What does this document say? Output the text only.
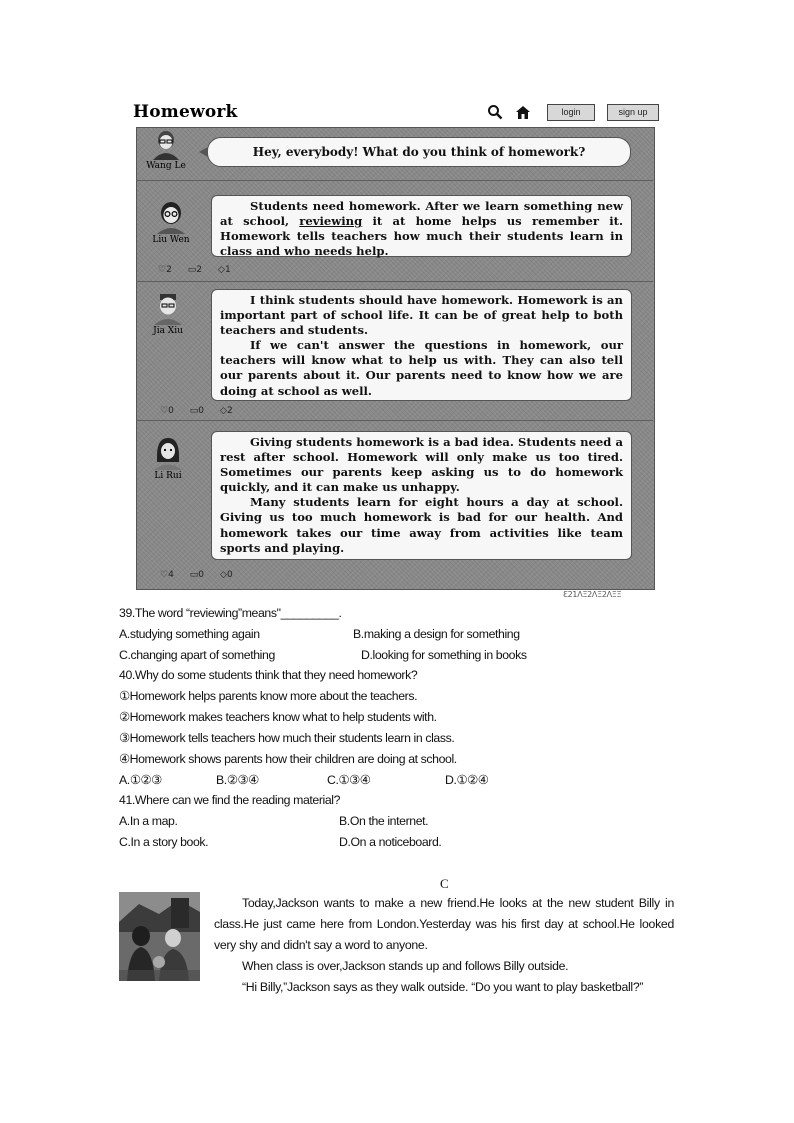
Homework	login	sign up
Wang Le
Hey, everybody! What do you think of homework?
Liu Wen

Students need homework. After we learn something new at school, reviewing it at home helps us remember it. Homework tells teachers how much their students learn in class and who needs help.

♡2 ▭2 ◇1
Jia Xiu

I think students should have homework. Homework is an important part of school life. It can be of great help to both teachers and students.

If we can't answer the questions in homework, our teachers will know what to help us with. They can also tell our parents about it. Our parents need to know how we are doing at school as well.

♡0 ▭0 ◇2
Li Rui

Giving students homework is a bad idea. Students need a rest after school. Homework will only make us too tired. Sometimes our parents keep asking us to do homework quickly, and it can make us unhappy.

Many students learn for eight hours a day at school. Giving us too much homework is bad for our health. And homework takes our time away from activities like team sports and playing.

♡4 ▭0 ◇0
Ɛ21ɅΞ2ɅΞ2ɅΞΞ
39.The word “reviewing”means"_________.
A.studying something again	B.making a design for something
C.changing apart of something	D.looking for something in books
40.Why do some students think that they need homework?
①Homework helps parents know more about the teachers.
②Homework makes teachers know what to help students with.
③Homework tells teachers how much their students learn in class.
④Homework shows parents how their children are doing at school.
A.①②③	B.②③④	C.①③④	D.①②④
41.Where can we find the reading material?
A.In a map.	B.On the internet.
C.In a story book.	D.On a noticeboard.
C

Today,Jackson wants to make a new friend.He looks at the new student Billy in class.He just came here from London.Yesterday was his first day at school.He looked very shy and didn't say a word to anyone.

When class is over,Jackson stands up and follows Billy outside.

“Hi Billy,”Jackson says as they walk outside. “Do you want to play basketball?”
